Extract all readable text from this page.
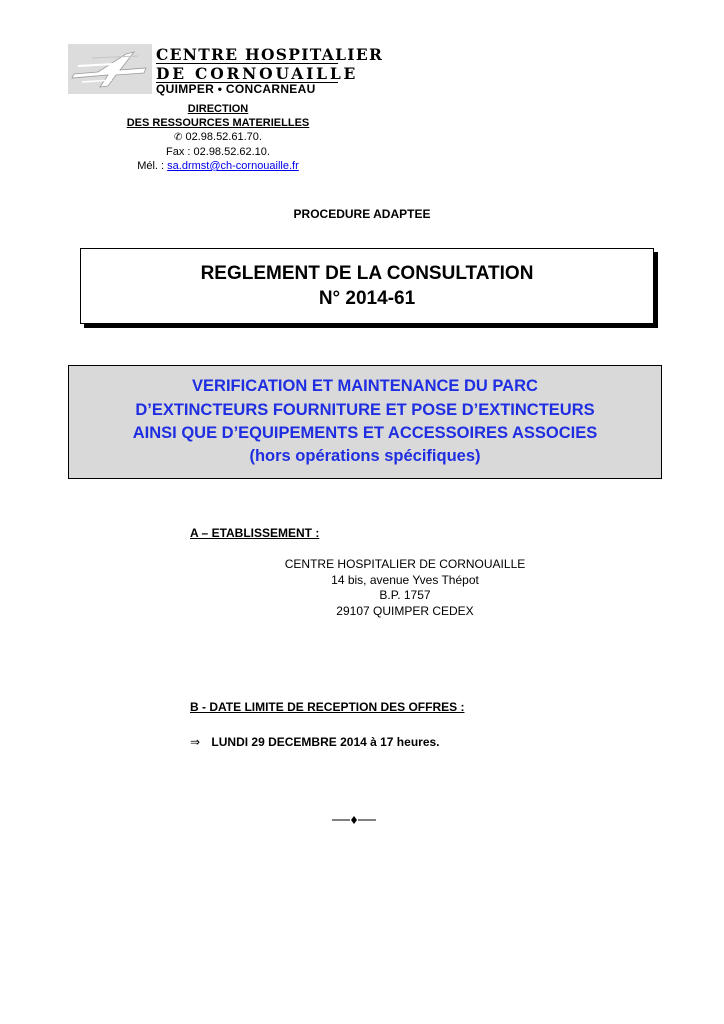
CENTRE HOSPITALIER
DE CORNOUAILLE
QUIMPER • CONCARNEAU
DIRECTION
DES RESSOURCES MATERIELLES
✆ 02.98.52.61.70.
Fax : 02.98.52.62.10.
Mél. : sa.drmst@ch-cornouaille.fr
PROCEDURE ADAPTEE
REGLEMENT DE LA CONSULTATION
N° 2014-61
VERIFICATION ET MAINTENANCE DU PARC
D’EXTINCTEURS FOURNITURE ET POSE D’EXTINCTEURS
AINSI QUE D’EQUIPEMENTS ET ACCESSOIRES ASSOCIES
(hors opérations spécifiques)
A – ETABLISSEMENT :
CENTRE HOSPITALIER DE CORNOUAILLE
14 bis, avenue Yves Thépot
B.P. 1757
29107 QUIMPER CEDEX
B - DATE LIMITE DE RECEPTION DES OFFRES :
⇒ LUNDI 29 DECEMBRE 2014 à 17 heures.
